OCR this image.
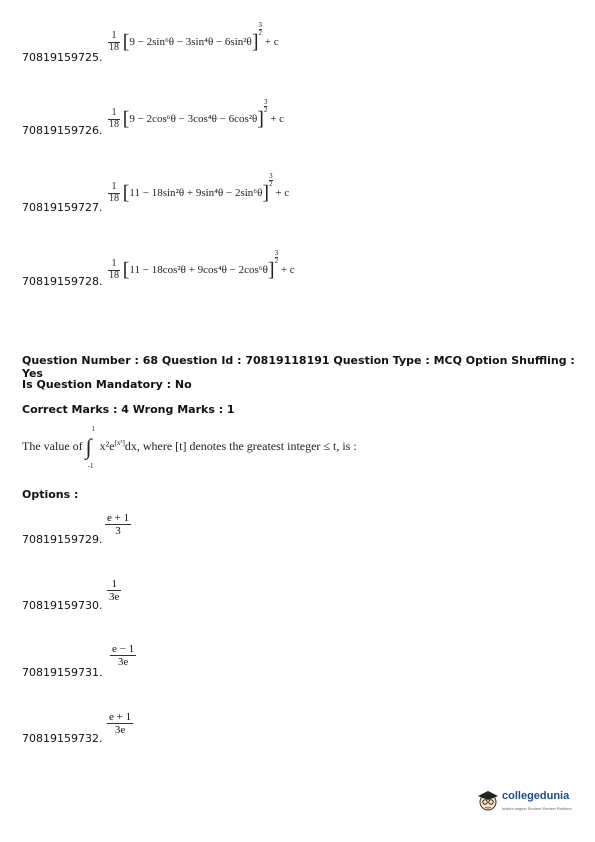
$\frac{1}{18} [9 - 2\sin^6\theta - 3\sin^4\theta - 6\sin^2\theta]\frac{3}{2}$
+ c
70819159725.
$\frac{1}{18} [9 - 2\cos^6\theta - 3\cos^4\theta - 6\cos^2\theta]\frac{3}{2}$
+ c
70819159726.
$\frac{1}{18} [11 - 18\sin^2\theta + 9\sin^4\theta - 2\sin^6\theta]\frac{3}{2}$
+ c
70819159727.
$\frac{1}{18} [11 - 18\cos^2\theta + 9\cos^4\theta - 2\cos^6\theta]\frac{3}{2}$
+ c
70819159728.
Question Number : 68 Question Id : 70819118191 Question Type : MCQ Option Shuffling : Yes
Is Question Mandatory : No
Correct Marks : 4 Wrong Marks : 1
The value of ∫
1
-1
x²e[x³]dx, where [t] denotes the greatest integer ≤ t, is :
Options :
e + 1
3
70819159729.
1
3e
70819159730.
e − 1
3e
70819159731.
e + 1
3e
70819159732.
collegedunia
India's largest Student Review Platform
